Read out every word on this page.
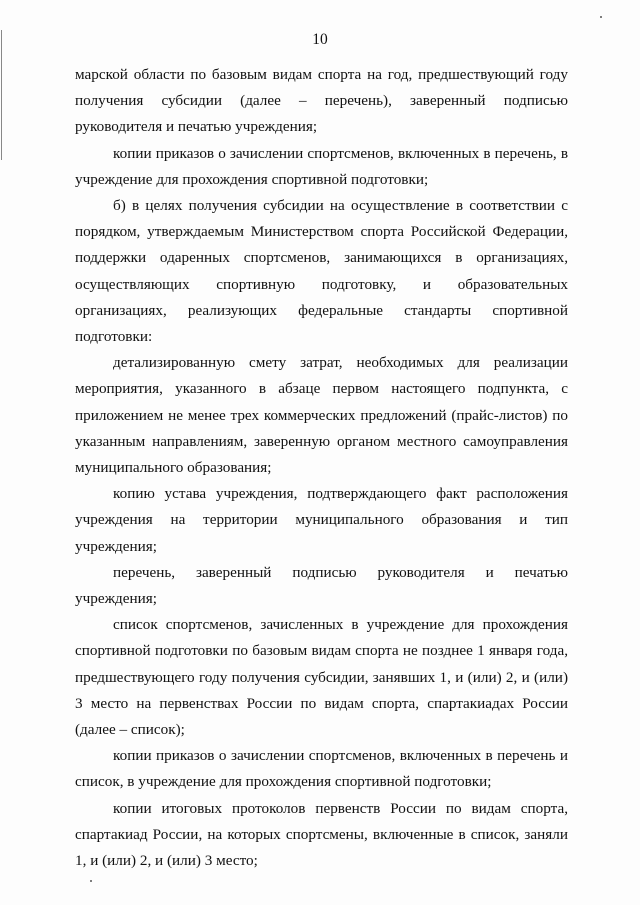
10

марской области по базовым видам спорта на год, предшествующий году получения субсидии (далее – перечень), заверенный подписью руководителя и печатью учреждения;

копии приказов о зачислении спортсменов, включенных в перечень, в учреждение для прохождения спортивной подготовки;

б) в целях получения субсидии на осуществление в соответствии с порядком, утверждаемым Министерством спорта Российской Федерации, поддержки одаренных спортсменов, занимающихся в организациях, осуществляющих спортивную подготовку, и образовательных организациях, реализующих федеральные стандарты спортивной подготовки:

детализированную смету затрат, необходимых для реализации мероприятия, указанного в абзаце первом настоящего подпункта, с приложением не менее трех коммерческих предложений (прайс-листов) по указанным направлениям, заверенную органом местного самоуправления муниципального образования;

копию устава учреждения, подтверждающего факт расположения учреждения на территории муниципального образования и тип учреждения;

перечень, заверенный подписью руководителя и печатью учреждения;

список спортсменов, зачисленных в учреждение для прохождения спортивной подготовки по базовым видам спорта не позднее 1 января года, предшествующего году получения субсидии, занявших 1, и (или) 2, и (или) 3 место на первенствах России по видам спорта, спартакиадах России (далее – список);

копии приказов о зачислении спортсменов, включенных в перечень и список, в учреждение для прохождения спортивной подготовки;

копии итоговых протоколов первенств России по видам спорта, спартакиад России, на которых спортсмены, включенные в список, заняли 1, и (или) 2, и (или) 3 место;
